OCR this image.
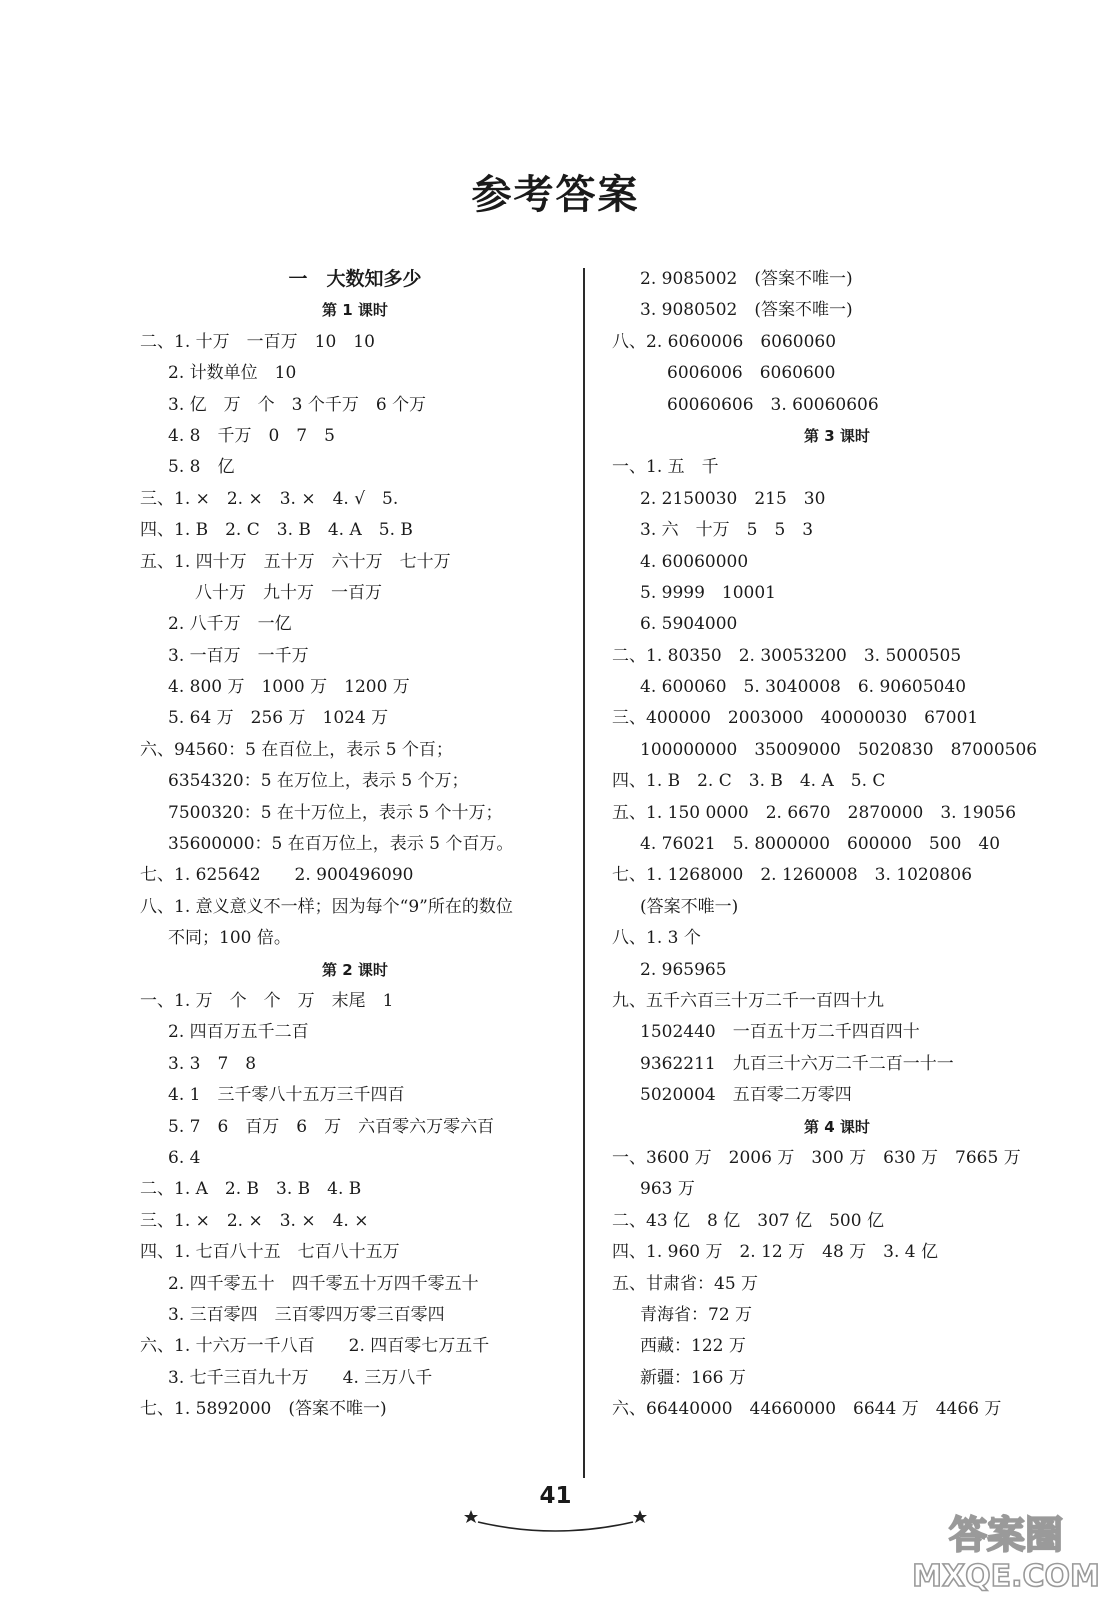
参考答案
一　大数知多少
第 1 课时
二、1. 十万　一百万　10　10
2. 计数单位　10
3. 亿　万　个　3 个千万　6 个万
4. 8　千万　0　7　5
5. 8　亿
三、1. ×　2. ×　3. ×　4. √　5.
四、1. B　2. C　3. B　4. A　5. B
五、1. 四十万　五十万　六十万　七十万
八十万　九十万　一百万
2. 八千万　一亿
3. 一百万　一千万
4. 800 万　1000 万　1200 万
5. 64 万　256 万　1024 万
六、94560：5 在百位上，表示 5 个百；
6354320：5 在万位上，表示 5 个万；
7500320：5 在十万位上，表示 5 个十万；
35600000：5 在百万位上，表示 5 个百万。
七、1. 625642　　2. 900496090
八、1. 意义意义不一样；因为每个“9”所在的数位
不同；100 倍。
第 2 课时
一、1. 万　个　个　万　末尾　1
2. 四百万五千二百
3. 3　7　8
4. 1　三千零八十五万三千四百
5. 7　6　百万　6　万　六百零六万零六百
6. 4
二、1. A　2. B　3. B　4. B
三、1. ×　2. ×　3. ×　4. ×
四、1. 七百八十五　七百八十五万
2. 四千零五十　四千零五十万四千零五十
3. 三百零四　三百零四万零三百零四
六、1. 十六万一千八百　　2. 四百零七万五千
3. 七千三百九十万　　4. 三万八千
七、1. 5892000　(答案不唯一)
2. 9085002　(答案不唯一)
3. 9080502　(答案不唯一)
八、2. 6060006　6060060
6006006　6060600
60060606　3. 60060606
第 3 课时
一、1. 五　千
2. 2150030　215　30
3. 六　十万　5　5　3
4. 60060000
5. 9999　10001
6. 5904000
二、1. 80350　2. 30053200　3. 5000505
4. 600060　5. 3040008　6. 90605040
三、400000　2003000　40000030　67001
100000000　35009000　5020830　87000506
四、1. B　2. C　3. B　4. A　5. C
五、1. 150 0000　2. 6670　2870000　3. 19056
4. 76021　5. 8000000　600000　500　40
七、1. 1268000　2. 1260008　3. 1020806
(答案不唯一)
八、1. 3 个
2. 965965
九、五千六百三十万二千一百四十九
1502440　一百五十万二千四百四十
9362211　九百三十六万二千二百一十一
5020004　五百零二万零四
第 4 课时
一、3600 万　2006 万　300 万　630 万　7665 万
963 万
二、43 亿　8 亿　307 亿　500 亿
四、1. 960 万　2. 12 万　48 万　3. 4 亿
五、甘肃省：45 万
青海省：72 万
西藏：122 万
新疆：166 万
六、66440000　44660000　6644 万　4466 万
41
答案圈
MXQE.COM
